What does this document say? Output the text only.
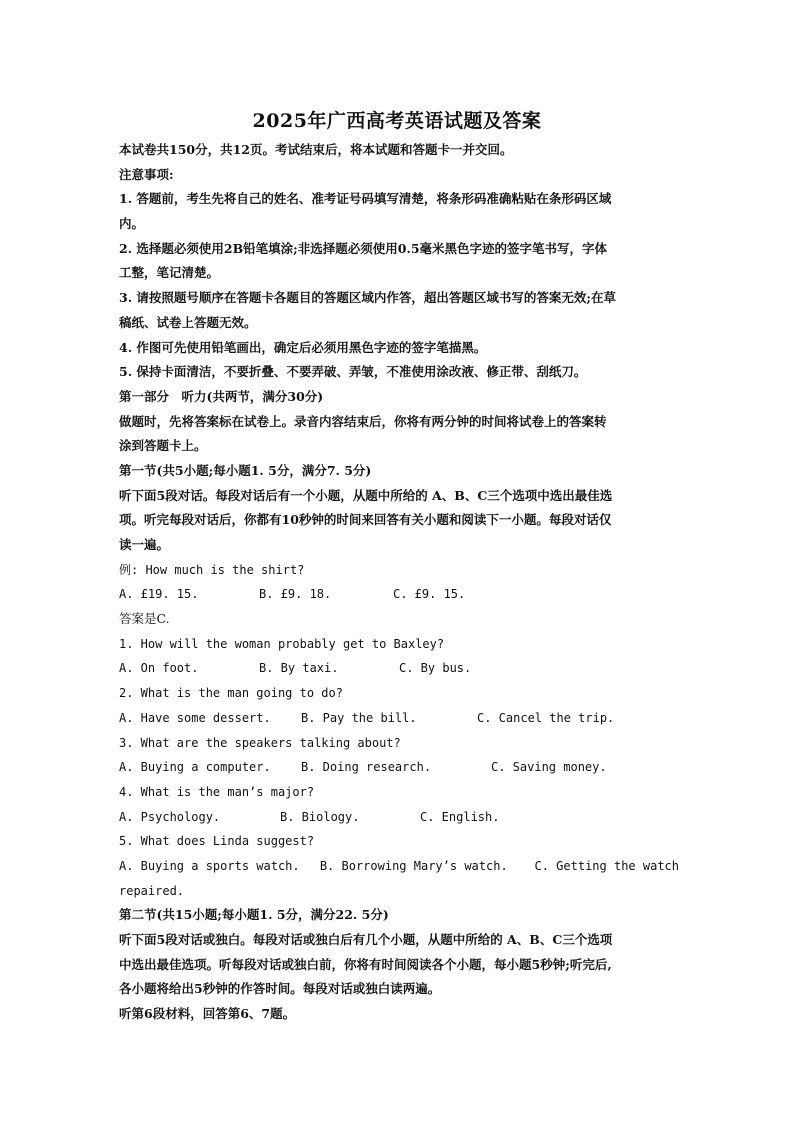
2025年广西高考英语试题及答案
本试卷共150分，共12页。考试结束后，将本试题和答题卡一并交回。
注意事项:
1. 答题前，考生先将自己的姓名、准考证号码填写清楚，将条形码准确粘贴在条形码区域
内。
2. 选择题必须使用2B铅笔填涂;非选择题必须使用0.5毫米黑色字迹的签字笔书写，字体
工整，笔记清楚。
3. 请按照题号顺序在答题卡各题目的答题区域内作答，超出答题区域书写的答案无效;在草
稿纸、试卷上答题无效。
4. 作图可先使用铅笔画出，确定后必须用黑色字迹的签字笔描黑。
5. 保持卡面清洁，不要折叠、不要弄破、弄皱，不准使用涂改液、修正带、刮纸刀。
第一部分　听力(共两节，满分30分)
做题时，先将答案标在试卷上。录音内容结束后，你将有两分钟的时间将试卷上的答案转
涂到答题卡上。
第一节(共5小题;每小题1. 5分，满分7. 5分)
听下面5段对话。每段对话后有一个小题，从题中所给的 A、B、C三个选项中选出最佳选
项。听完每段对话后，你都有10秒钟的时间来回答有关小题和阅读下一小题。每段对话仅
读一遍。
例: How much is the shirt?
A. £19. 15.	B. £9. 18.	C. £9. 15.
答案是C.
1. How will the woman probably get to Baxley?
A. On foot.	B. By taxi.	C. By bus.
2. What is the man going to do?
A. Have some dessert.	B. Pay the bill.	C. Cancel the trip.
3. What are the speakers talking about?
A. Buying a computer.	B. Doing research.	C. Saving money.
4. What is the man’s major?
A. Psychology.	B. Biology.	C. English.
5. What does Linda suggest?
A. Buying a sports watch.	B. Borrowing Mary’s watch.	C. Getting the watch
repaired.
第二节(共15小题;每小题1. 5分，满分22. 5分)
听下面5段对话或独白。每段对话或独白后有几个小题，从题中所给的 A、B、C三个选项
中选出最佳选项。听每段对话或独白前，你将有时间阅读各个小题，每小题5秒钟;听完后,
各小题将给出5秒钟的作答时间。每段对话或独白读两遍。
听第6段材料，回答第6、7题。
